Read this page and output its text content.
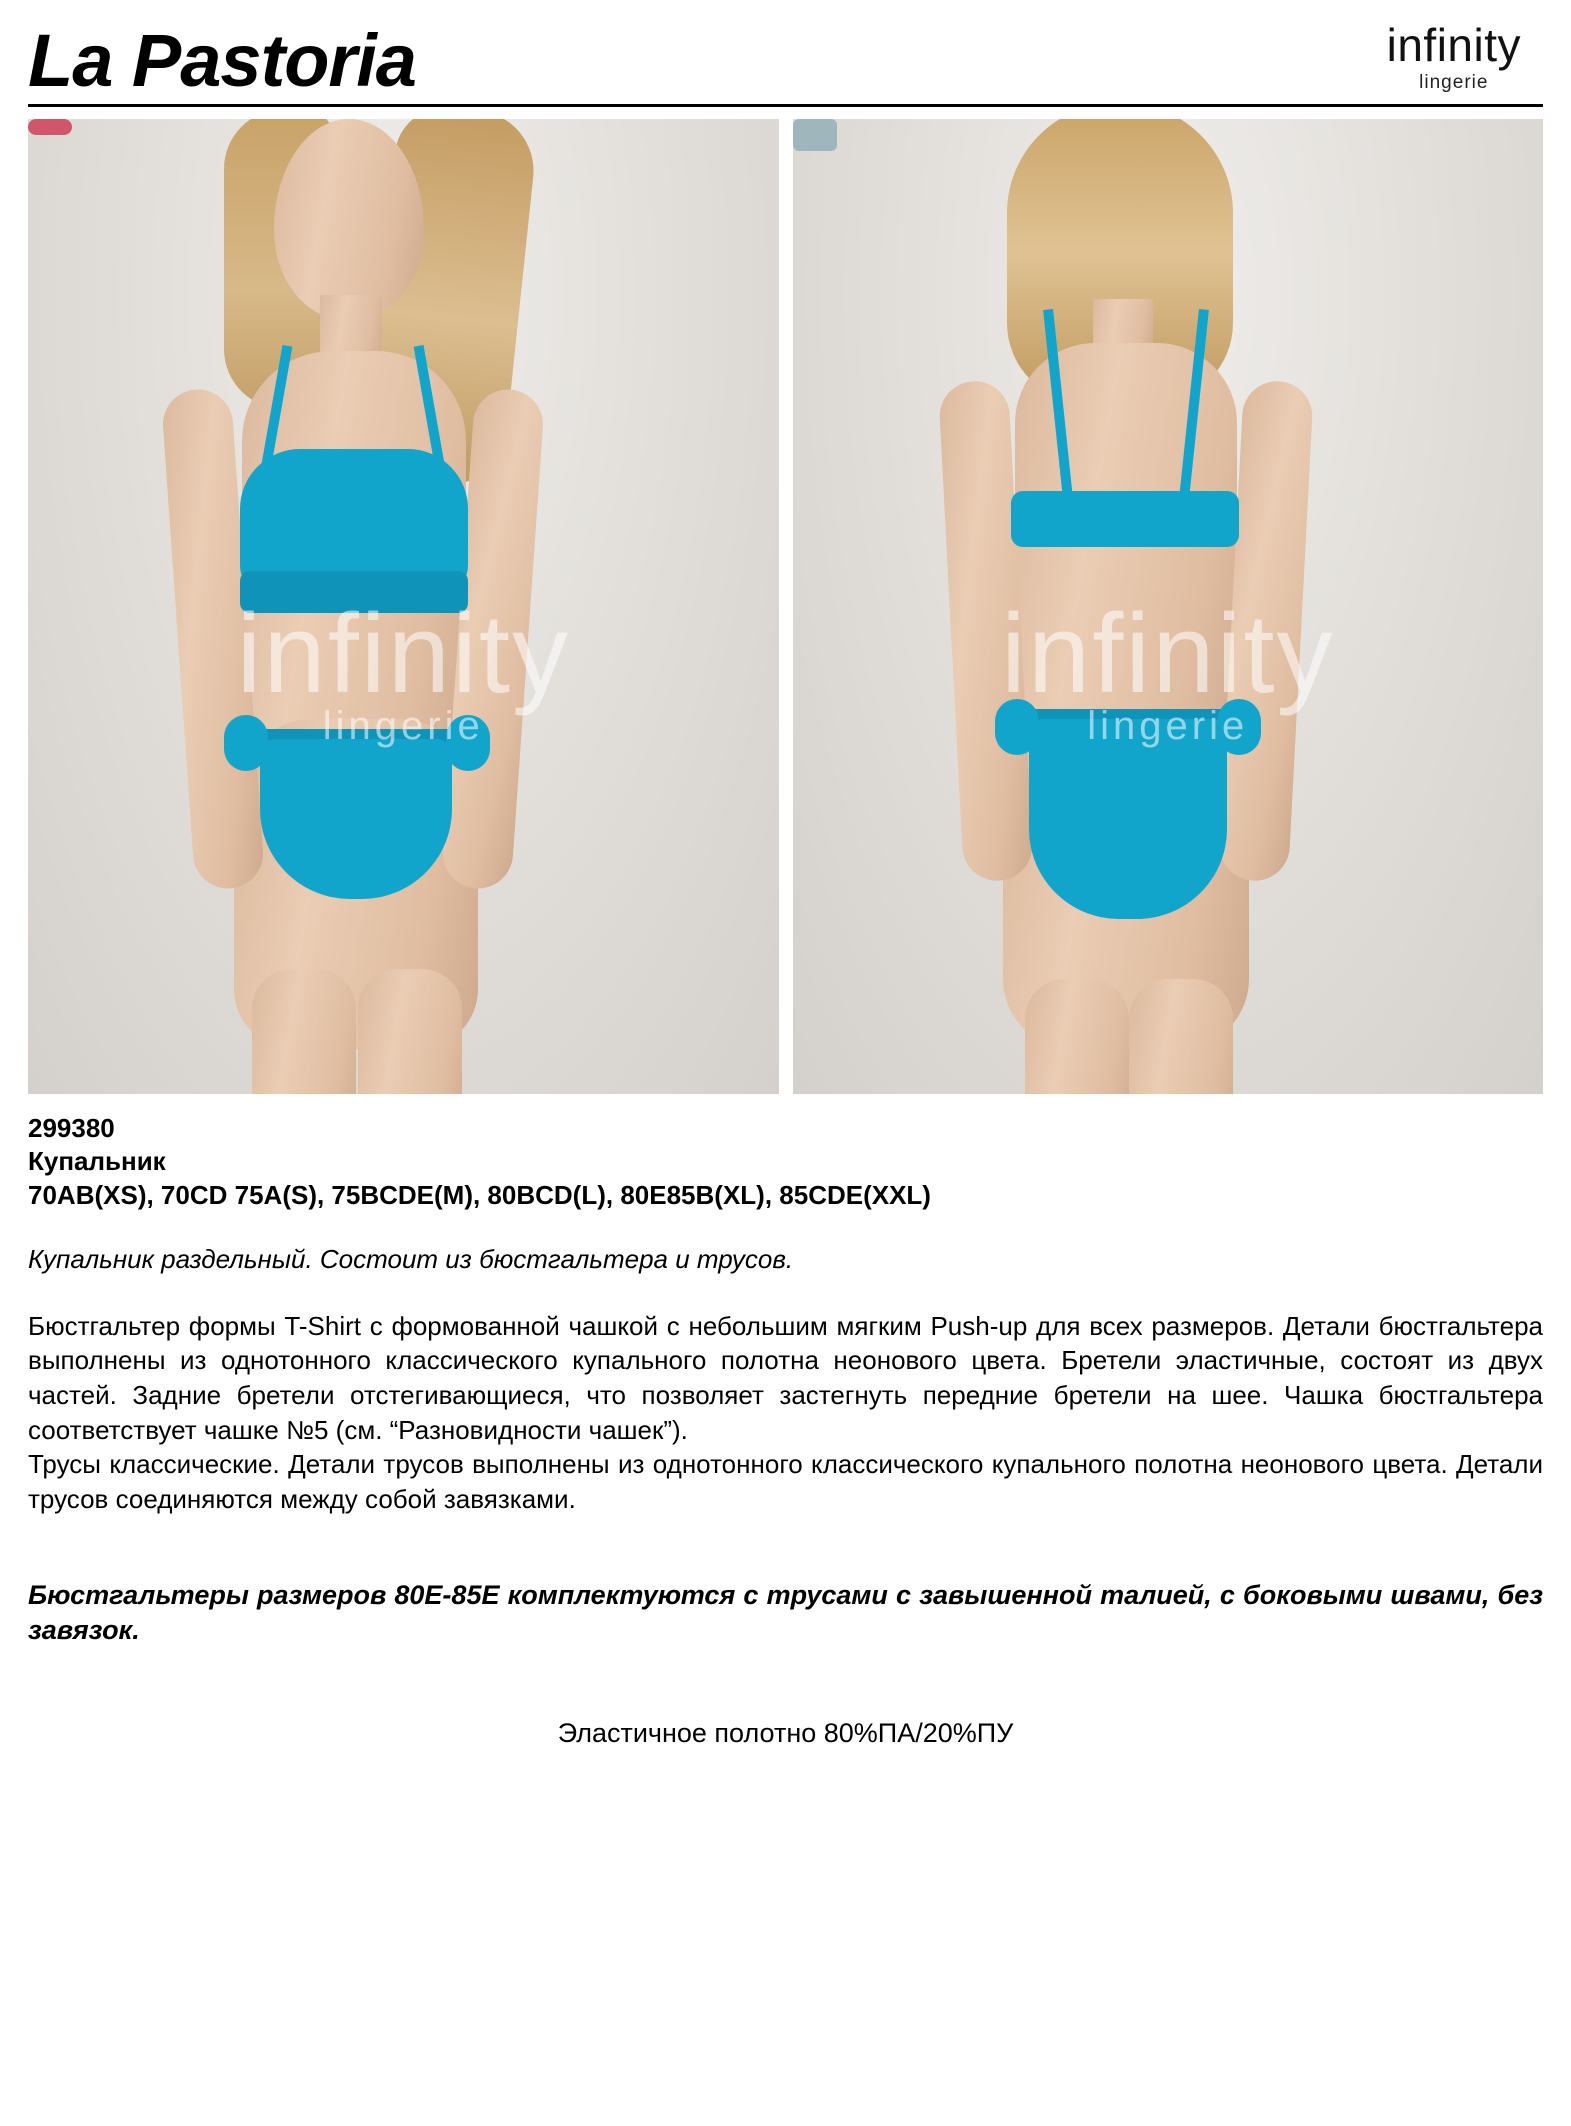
La Pastoria	infinity
lingerie
infinity
lingerie
infinity
lingerie
299380
Купальник
70AB(XS), 70CD 75A(S), 75BCDE(M), 80BCD(L), 80E85B(XL), 85CDE(XXL)
Купальник раздельный. Состоит из бюстгальтера и трусов.

Бюстгальтер формы T-Shirt с формованной чашкой с небольшим мягким Push-up для всех размеров. Детали бюстгальтера выполнены из однотонного классического купального полотна неонового цвета. Бретели эластичные, состоят из двух частей. Задние бретели отстегивающиеся, что позволяет застегнуть передние бретели на шее. Чашка бюстгальтера соответствует чашке №5 (см. “Разновидности чашек”).

Трусы классические. Детали трусов выполнены из однотонного классического купального полотна неонового цвета. Детали трусов соединяются между собой завязками.

Бюстгальтеры размеров 80E-85E комплектуются с трусами с завышенной талией, с боковыми швами, без завязок.
Эластичное полотно 80%ПА/20%ПУ
